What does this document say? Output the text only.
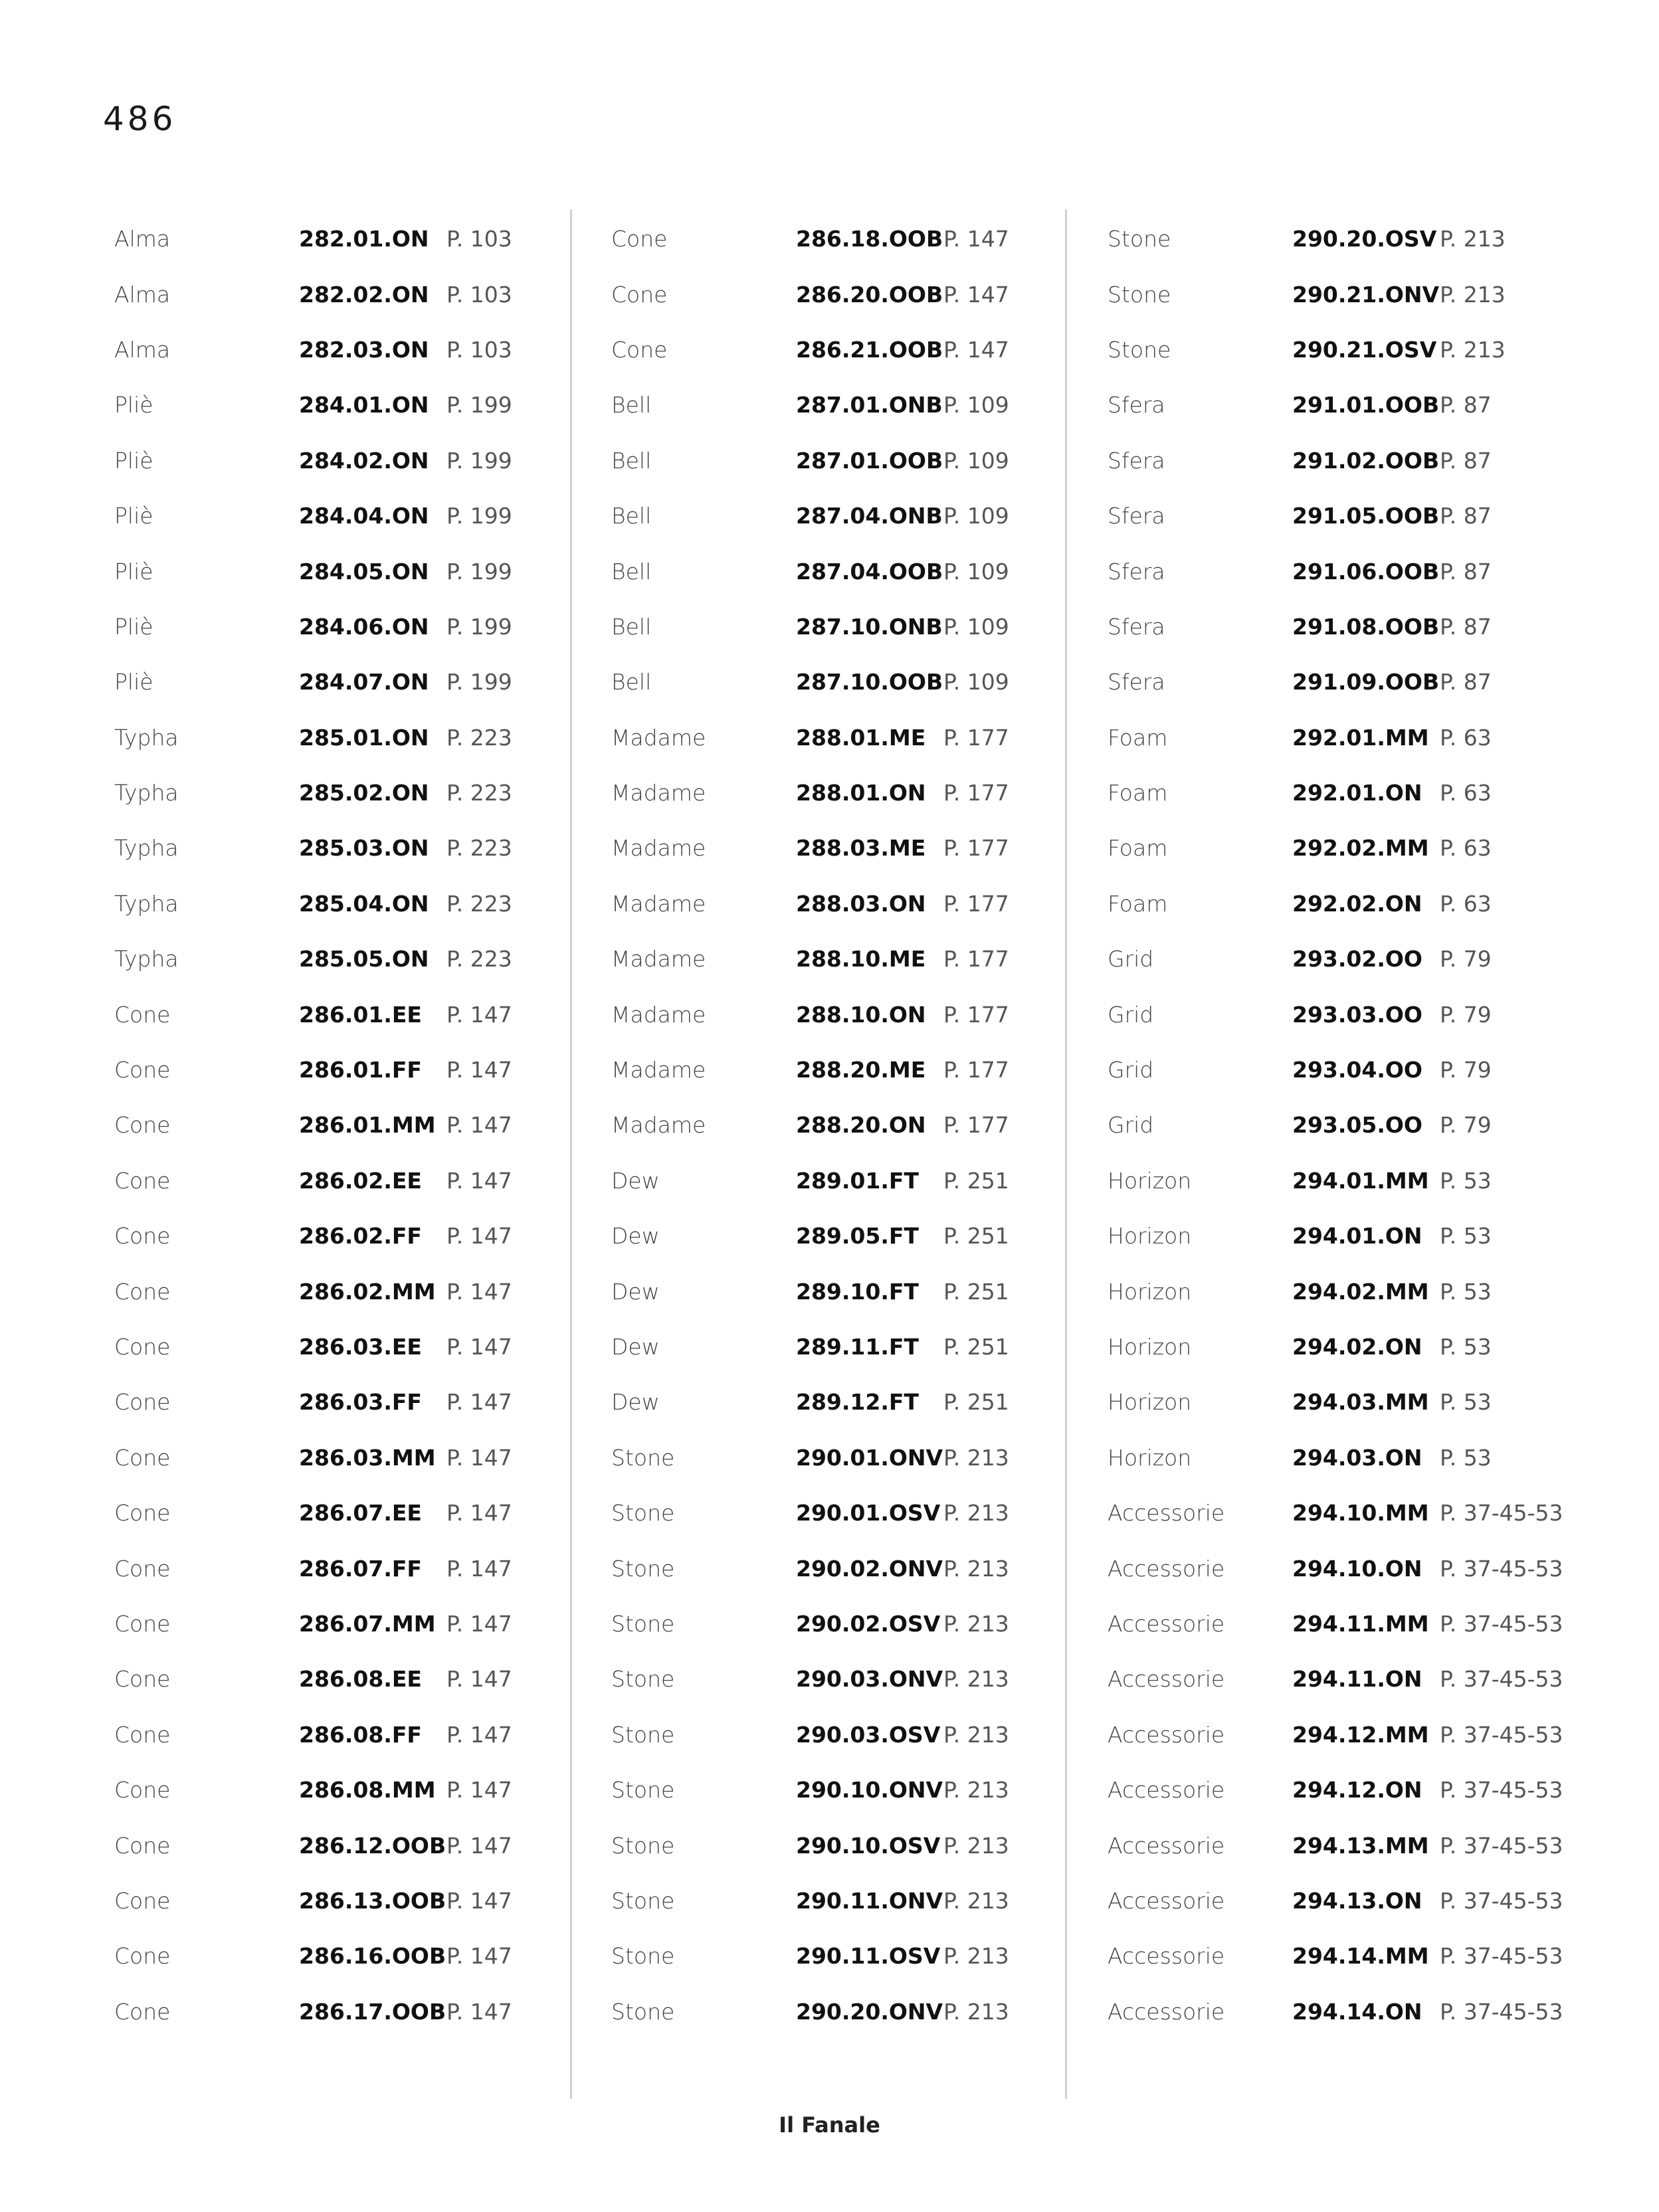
486
Alma	282.01.ON P. 103
Alma	282.02.ON P. 103
Alma	282.03.ON P. 103
Pliè	284.01.ON P. 199
Pliè	284.02.ON P. 199
Pliè	284.04.ON P. 199
Pliè	284.05.ON P. 199
Pliè	284.06.ON P. 199
Pliè	284.07.ON P. 199
Typha	285.01.ON P. 223
Typha	285.02.ON P. 223
Typha	285.03.ON P. 223
Typha	285.04.ON P. 223
Typha	285.05.ON P. 223
Cone	286.01.EE	P. 147
Cone	286.01.FF	P. 147
Cone	286.01.MM P. 147
Cone	286.02.EE	P. 147
Cone	286.02.FF	P. 147
Cone	286.02.MM P. 147
Cone	286.03.EE	P. 147
Cone	286.03.FF	P. 147
Cone	286.03.MM P. 147
Cone	286.07.EE	P. 147
Cone	286.07.FF	P. 147
Cone	286.07.MM P. 147
Cone	286.08.EE	P. 147
Cone	286.08.FF	P. 147
Cone	286.08.MM P. 147
Cone	286.12.OOB P. 147
Cone	286.13.OOB P. 147
Cone	286.16.OOB P. 147
Cone	286.17.OOB P. 147
Cone	286.18.OOB P. 147
Cone	286.20.OOB P. 147
Cone	286.21.OOB P. 147
Bell	287.01.ONB P. 109
Bell	287.01.OOB P. 109
Bell	287.04.ONB P. 109
Bell	287.04.OOB P. 109
Bell	287.10.ONB P. 109
Bell	287.10.OOB P. 109
Madame	288.01.ME P. 177
Madame	288.01.ON P. 177
Madame	288.03.ME P. 177
Madame	288.03.ON P. 177
Madame	288.10.ME P. 177
Madame	288.10.ON P. 177
Madame	288.20.ME P. 177
Madame	288.20.ON P. 177
Dew	289.01.FT	P. 251
Dew	289.05.FT	P. 251
Dew	289.10.FT	P. 251
Dew	289.11.FT	P. 251
Dew	289.12.FT	P. 251
Stone	290.01.ONV P. 213
Stone	290.01.OSV P. 213
Stone	290.02.ONV P. 213
Stone	290.02.OSV P. 213
Stone	290.03.ONV P. 213
Stone	290.03.OSV P. 213
Stone	290.10.ONV P. 213
Stone	290.10.OSV P. 213
Stone	290.11.ONV P. 213
Stone	290.11.OSV P. 213
Stone	290.20.ONV P. 213
Stone	290.20.OSV P. 213
Stone	290.21.ONV P. 213
Stone	290.21.OSV P. 213
Sfera	291.01.OOB P. 87
Sfera	291.02.OOB P. 87
Sfera	291.05.OOB P. 87
Sfera	291.06.OOB P. 87
Sfera	291.08.OOB P. 87
Sfera	291.09.OOB P. 87
Foam	292.01.MM P. 63
Foam	292.01.ON P. 63
Foam	292.02.MM P. 63
Foam	292.02.ON P. 63
Grid	293.02.OO P. 79
Grid	293.03.OO P. 79
Grid	293.04.OO P. 79
Grid	293.05.OO P. 79
Horizon	294.01.MM P. 53
Horizon	294.01.ON P. 53
Horizon	294.02.MM P. 53
Horizon	294.02.ON P. 53
Horizon	294.03.MM P. 53
Horizon	294.03.ON P. 53
Accessorie	294.10.MM P. 37-45-53
Accessorie	294.10.ON P. 37-45-53
Accessorie	294.11.MM P. 37-45-53
Accessorie	294.11.ON P. 37-45-53
Accessorie	294.12.MM P. 37-45-53
Accessorie	294.12.ON P. 37-45-53
Accessorie	294.13.MM P. 37-45-53
Accessorie	294.13.ON P. 37-45-53
Accessorie	294.14.MM P. 37-45-53
Accessorie	294.14.ON P. 37-45-53
Il Fanale
